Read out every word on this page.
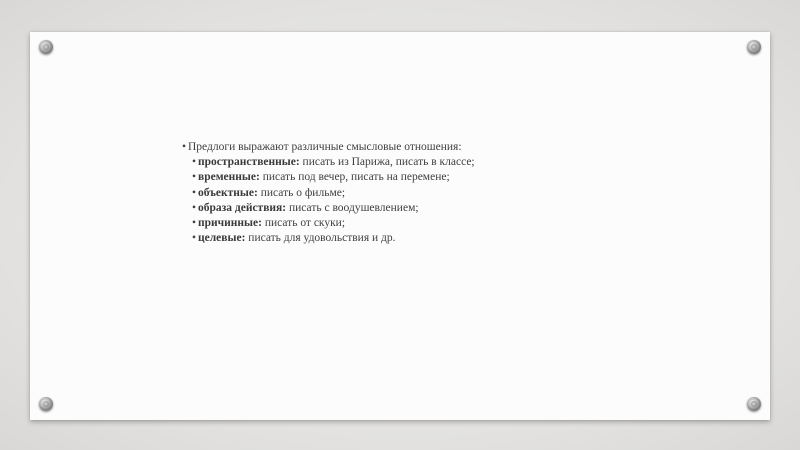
• Предлоги выражают различные смысловые отношения:

• пространственные: писать из Парижа, писать в классе;
• временные: писать под вечер, писать на перемене;
• объектные: писать о фильме;
• образа действия: писать с воодушевлением;
• причинные: писать от скуки;
• целевые: писать для удовольствия и др.
